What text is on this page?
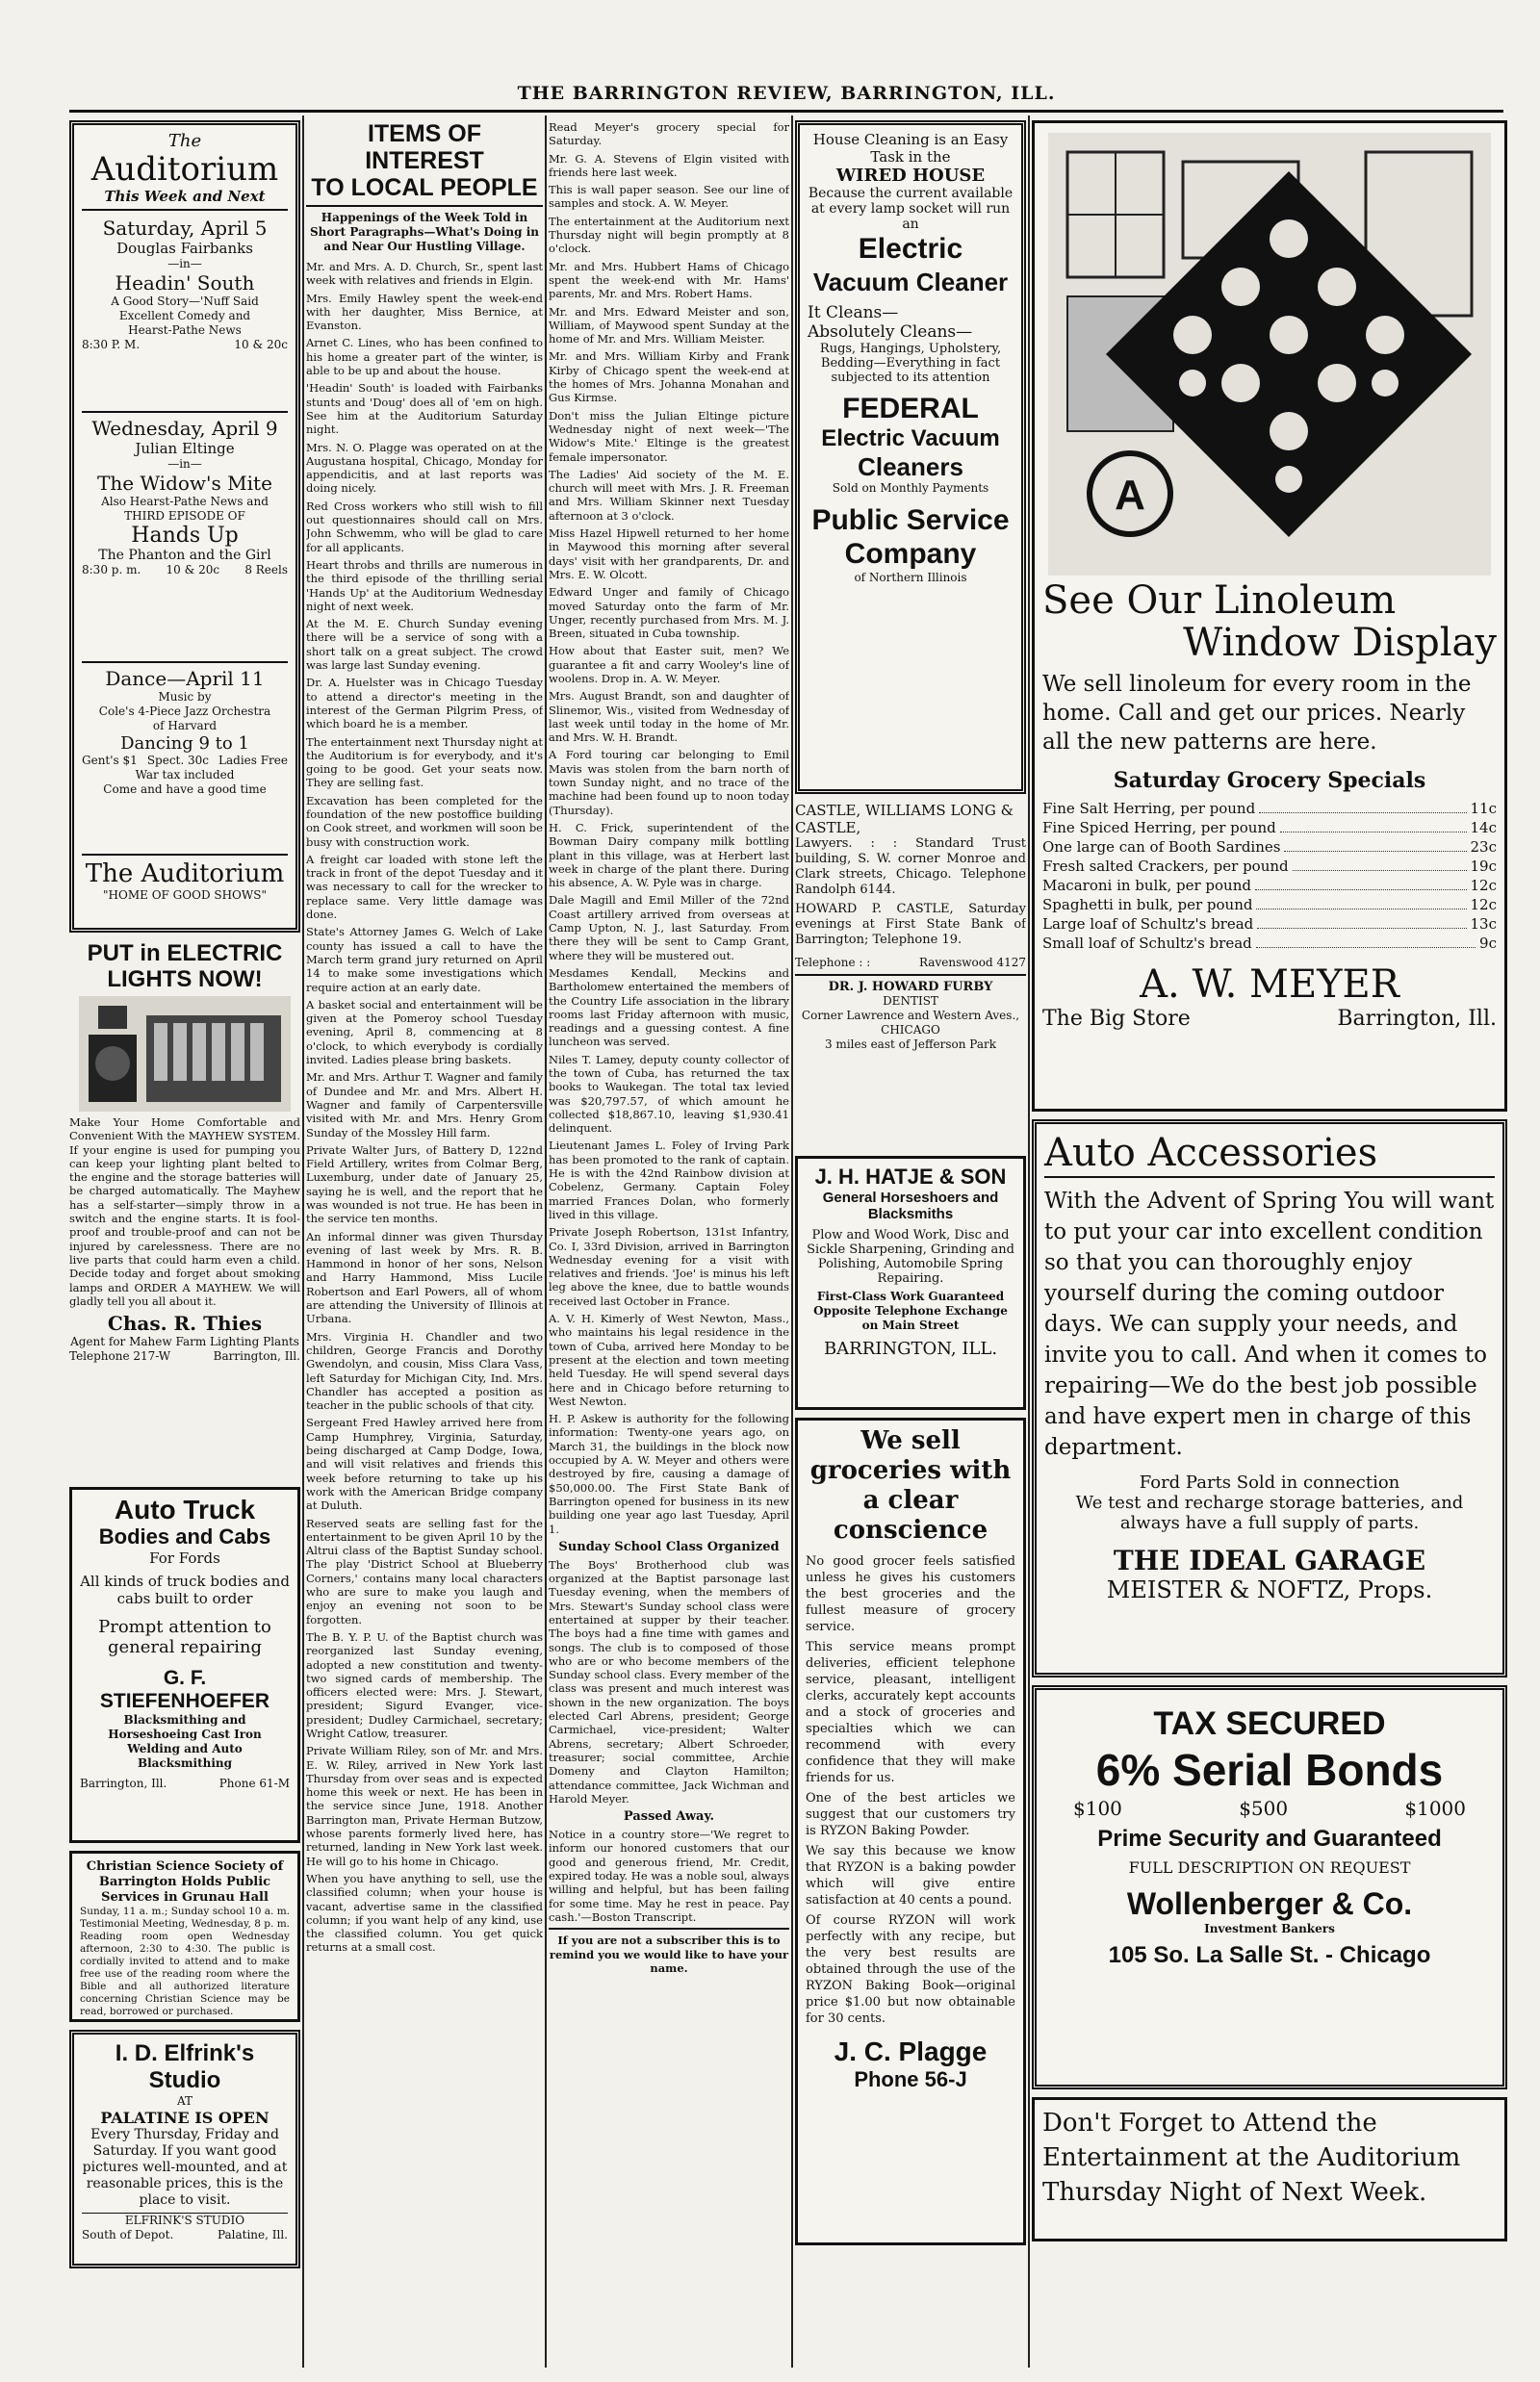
THE BARRINGTON REVIEW, BARRINGTON, ILL.
The
Auditorium
This Week and Next
Saturday, April 5
Douglas Fairbanks
—in—
Headin' South
A Good Story—'Nuff Said
Excellent Comedy and
Hearst-Pathe News
8:30 P. M.	10 & 20c
Wednesday, April 9
Julian Eltinge
—in—
The Widow's Mite
Also Hearst-Pathe News and
THIRD EPISODE OF
Hands Up
The Phanton and the Girl
8:30 p. m. 10 & 20c 8 Reels
Dance—April 11
Music by
Cole's 4-Piece Jazz Orchestra
of Harvard
Dancing 9 to 1
Gent's $1 Spect. 30c Ladies Free
War tax included
Come and have a good time
The Auditorium
"HOME OF GOOD SHOWS"
PUT in ELECTRIC LIGHTS NOW!

Make Your Home Comfortable and Convenient With the MAYHEW SYSTEM. If your engine is used for pumping you can keep your lighting plant belted to the engine and the storage batteries will be charged automatically. The Mayhew has a self-starter—simply throw in a switch and the engine starts. It is fool-proof and trouble-proof and can not be injured by carelessness. There are no live parts that could harm even a child. Decide today and forget about smoking lamps and ORDER A MAYHEW. We will gladly tell you all about it.

Chas. R. Thies
Agent for Mahew Farm Lighting Plants
Telephone 217-W	Barrington, Ill.
Auto Truck
Bodies and Cabs
For Fords
All kinds of truck bodies and cabs built to order
Prompt attention to general repairing
G. F. STIEFENHOEFER
Blacksmithing and Horseshoeing Cast Iron Welding and Auto Blacksmithing
Barrington, Ill.	Phone 61-M
Christian Science Society of Barrington Holds Public Services in Grunau Hall

Sunday, 11 a. m.; Sunday school 10 a. m. Testimonial Meeting, Wednesday, 8 p. m. Reading room open Wednesday afternoon, 2:30 to 4:30. The public is cordially invited to attend and to make free use of the reading room where the Bible and all authorized literature concerning Christian Science may be read, borrowed or purchased.

I. D. Elfrink's
Studio
AT
PALATINE IS OPEN
Every Thursday, Friday and Saturday. If you want good pictures well-mounted, and at reasonable prices, this is the place to visit.
ELFRINK'S STUDIO
South of Depot.	Palatine, Ill.
ITEMS OF INTEREST
TO LOCAL PEOPLE
Happenings of the Week Told in Short Paragraphs—What's Doing in and Near Our Hustling Village.

Mr. and Mrs. A. D. Church, Sr., spent last week with relatives and friends in Elgin.

Mrs. Emily Hawley spent the week-end with her daughter, Miss Bernice, at Evanston.

Arnet C. Lines, who has been confined to his home a greater part of the winter, is able to be up and about the house.

'Headin' South' is loaded with Fairbanks stunts and 'Doug' does all of 'em on high. See him at the Auditorium Saturday night.

Mrs. N. O. Plagge was operated on at the Augustana hospital, Chicago, Monday for appendicitis, and at last reports was doing nicely.

Red Cross workers who still wish to fill out questionnaires should call on Mrs. John Schwemm, who will be glad to care for all applicants.

Heart throbs and thrills are numerous in the third episode of the thrilling serial 'Hands Up' at the Auditorium Wednesday night of next week.

At the M. E. Church Sunday evening there will be a service of song with a short talk on a great subject. The crowd was large last Sunday evening.

Dr. A. Huelster was in Chicago Tuesday to attend a director's meeting in the interest of the German Pilgrim Press, of which board he is a member.

The entertainment next Thursday night at the Auditorium is for everybody, and it's going to be good. Get your seats now. They are selling fast.

Excavation has been completed for the foundation of the new postoffice building on Cook street, and workmen will soon be busy with construction work.

A freight car loaded with stone left the track in front of the depot Tuesday and it was necessary to call for the wrecker to replace same. Very little damage was done.

State's Attorney James G. Welch of Lake county has issued a call to have the March term grand jury returned on April 14 to make some investigations which require action at an early date.

A basket social and entertainment will be given at the Pomeroy school Tuesday evening, April 8, commencing at 8 o'clock, to which everybody is cordially invited. Ladies please bring baskets.

Mr. and Mrs. Arthur T. Wagner and family of Dundee and Mr. and Mrs. Albert H. Wagner and family of Carpentersville visited with Mr. and Mrs. Henry Grom Sunday of the Mossley Hill farm.

Private Walter Jurs, of Battery D, 122nd Field Artillery, writes from Colmar Berg, Luxemburg, under date of January 25, saying he is well, and the report that he was wounded is not true. He has been in the service ten months.

An informal dinner was given Thursday evening of last week by Mrs. R. B. Hammond in honor of her sons, Nelson and Harry Hammond, Miss Lucile Robertson and Earl Powers, all of whom are attending the University of Illinois at Urbana.

Mrs. Virginia H. Chandler and two children, George Francis and Dorothy Gwendolyn, and cousin, Miss Clara Vass, left Saturday for Michigan City, Ind. Mrs. Chandler has accepted a position as teacher in the public schools of that city.

Sergeant Fred Hawley arrived here from Camp Humphrey, Virginia, Saturday, being discharged at Camp Dodge, Iowa, and will visit relatives and friends this week before returning to take up his work with the American Bridge company at Duluth.

Reserved seats are selling fast for the entertainment to be given April 10 by the Altrui class of the Baptist Sunday school. The play 'District School at Blueberry Corners,' contains many local characters who are sure to make you laugh and enjoy an evening not soon to be forgotten.

The B. Y. P. U. of the Baptist church was reorganized last Sunday evening, adopted a new constitution and twenty-two signed cards of membership. The officers elected were: Mrs. J. Stewart, president; Sigurd Evanger, vice-president; Dudley Carmichael, secretary; Wright Catlow, treasurer.

Private William Riley, son of Mr. and Mrs. E. W. Riley, arrived in New York last Thursday from over seas and is expected home this week or next. He has been in the service since June, 1918. Another Barrington man, Private Herman Butzow, whose parents formerly lived here, has returned, landing in New York last week. He will go to his home in Chicago.

When you have anything to sell, use the classified column; when your house is vacant, advertise same in the classified column; if you want help of any kind, use the classified column. You get quick returns at a small cost.

Read Meyer's grocery special for Saturday.

Mr. G. A. Stevens of Elgin visited with friends here last week.

This is wall paper season. See our line of samples and stock. A. W. Meyer.

The entertainment at the Auditorium next Thursday night will begin promptly at 8 o'clock.

Mr. and Mrs. Hubbert Hams of Chicago spent the week-end with Mr. Hams' parents, Mr. and Mrs. Robert Hams.

Mr. and Mrs. Edward Meister and son, William, of Maywood spent Sunday at the home of Mr. and Mrs. William Meister.

Mr. and Mrs. William Kirby and Frank Kirby of Chicago spent the week-end at the homes of Mrs. Johanna Monahan and Gus Kirmse.

Don't miss the Julian Eltinge picture Wednesday night of next week—'The Widow's Mite.' Eltinge is the greatest female impersonator.

The Ladies' Aid society of the M. E. church will meet with Mrs. J. R. Freeman and Mrs. William Skinner next Tuesday afternoon at 3 o'clock.

Miss Hazel Hipwell returned to her home in Maywood this morning after several days' visit with her grandparents, Dr. and Mrs. E. W. Olcott.

Edward Unger and family of Chicago moved Saturday onto the farm of Mr. Unger, recently purchased from Mrs. M. J. Breen, situated in Cuba township.

How about that Easter suit, men? We guarantee a fit and carry Wooley's line of woolens. Drop in. A. W. Meyer.

Mrs. August Brandt, son and daughter of Slinemor, Wis., visited from Wednesday of last week until today in the home of Mr. and Mrs. W. H. Brandt.

A Ford touring car belonging to Emil Mavis was stolen from the barn north of town Sunday night, and no trace of the machine had been found up to noon today (Thursday).

H. C. Frick, superintendent of the Bowman Dairy company milk bottling plant in this village, was at Herbert last week in charge of the plant there. During his absence, A. W. Pyle was in charge.

Dale Magill and Emil Miller of the 72nd Coast artillery arrived from overseas at Camp Upton, N. J., last Saturday. From there they will be sent to Camp Grant, where they will be mustered out.

Mesdames Kendall, Meckins and Bartholomew entertained the members of the Country Life association in the library rooms last Friday afternoon with music, readings and a guessing contest. A fine luncheon was served.

Niles T. Lamey, deputy county collector of the town of Cuba, has returned the tax books to Waukegan. The total tax levied was $20,797.57, of which amount he collected $18,867.10, leaving $1,930.41 delinquent.

Lieutenant James L. Foley of Irving Park has been promoted to the rank of captain. He is with the 42nd Rainbow division at Cobelenz, Germany. Captain Foley married Frances Dolan, who formerly lived in this village.

Private Joseph Robertson, 131st Infantry, Co. I, 33rd Division, arrived in Barrington Wednesday evening for a visit with relatives and friends. 'Joe' is minus his left leg above the knee, due to battle wounds received last October in France.

A. V. H. Kimerly of West Newton, Mass., who maintains his legal residence in the town of Cuba, arrived here Monday to be present at the election and town meeting held Tuesday. He will spend several days here and in Chicago before returning to West Newton.

H. P. Askew is authority for the following information: Twenty-one years ago, on March 31, the buildings in the block now occupied by A. W. Meyer and others were destroyed by fire, causing a damage of $50,000.00. The First State Bank of Barrington opened for business in its new building one year ago last Tuesday, April 1.

Sunday School Class Organized

The Boys' Brotherhood club was organized at the Baptist parsonage last Tuesday evening, when the members of Mrs. Stewart's Sunday school class were entertained at supper by their teacher. The boys had a fine time with games and songs. The club is to composed of those who are or who become members of the Sunday school class. Every member of the class was present and much interest was shown in the new organization. The boys elected Carl Abrens, president; George Carmichael, vice-president; Walter Abrens, secretary; Albert Schroeder, treasurer; social committee, Archie Domeny and Clayton Hamilton; attendance committee, Jack Wichman and Harold Meyer.

Passed Away.

Notice in a country store—'We regret to inform our honored customers that our good and generous friend, Mr. Credit, expired today. He was a noble soul, always willing and helpful, but has been failing for some time. May he rest in peace. Pay cash.'—Boston Transcript.

If you are not a subscriber this is to remind you we would like to have your name.

House Cleaning is an Easy Task in the
WIRED HOUSE
Because the current available at every lamp socket will run an
Electric
Vacuum Cleaner
It Cleans—
Absolutely Cleans—
Rugs, Hangings, Upholstery, Bedding—Everything in fact subjected to its attention
FEDERAL
Electric Vacuum
Cleaners
Sold on Monthly Payments
Public Service
Company
of Northern Illinois
CASTLE, WILLIAMS LONG & CASTLE,

Lawyers. : : Standard Trust building, S. W. corner Monroe and Clark streets, Chicago. Telephone Randolph 6144.

HOWARD P. CASTLE, Saturday evenings at First State Bank of Barrington; Telephone 19.

Telephone : :	Ravenswood 4127
DR. J. HOWARD FURBY
DENTIST
Corner Lawrence and Western Aves., CHICAGO
3 miles east of Jefferson Park
J. H. HATJE & SON
General Horseshoers and Blacksmiths
Plow and Wood Work, Disc and Sickle Sharpening, Grinding and Polishing, Automobile Spring Repairing.
First-Class Work Guaranteed
Opposite Telephone Exchange on Main Street
BARRINGTON, ILL.
We sell groceries with a clear conscience

No good grocer feels satisfied unless he gives his customers the best groceries and the fullest measure of grocery service.

This service means prompt deliveries, efficient telephone service, pleasant, intelligent clerks, accurately kept accounts and a stock of groceries and specialties which we can recommend with every confidence that they will make friends for us.

One of the best articles we suggest that our customers try is RYZON Baking Powder.

We say this because we know that RYZON is a baking powder which will give entire satisfaction at 40 cents a pound.

Of course RYZON will work perfectly with any recipe, but the very best results are obtained through the use of the RYZON Baking Book—original price $1.00 but now obtainable for 30 cents.

J. C. Plagge
Phone 56-J
A
See Our Linoleum
Window Display
We sell linoleum for every room in the home. Call and get our prices. Nearly all the new patterns are here.
Saturday Grocery Specials
Fine Salt Herring, per pound	11c
Fine Spiced Herring, per pound	14c
One large can of Booth Sardines	23c
Fresh salted Crackers, per pound	19c
Macaroni in bulk, per pound	12c
Spaghetti in bulk, per pound	12c
Large loaf of Schultz's bread	13c
Small loaf of Schultz's bread	9c
A. W. MEYER
The Big Store	Barrington, Ill.
Auto Accessories
With the Advent of Spring You will want to put your car into excellent condition so that you can thoroughly enjoy yourself during the coming outdoor days. We can supply your needs, and invite you to call. And when it comes to repairing—We do the best job possible and have expert men in charge of this department.
Ford Parts Sold in connection
We test and recharge storage batteries, and always have a full supply of parts.
THE IDEAL GARAGE
MEISTER & NOFTZ, Props.
TAX SECURED
6% Serial Bonds
$100	$500	$1000
Prime Security and Guaranteed
FULL DESCRIPTION ON REQUEST
Wollenberger & Co.
Investment Bankers
105 So. La Salle St. - Chicago
Don't Forget to Attend the Entertainment at the Auditorium Thursday Night of Next Week.
